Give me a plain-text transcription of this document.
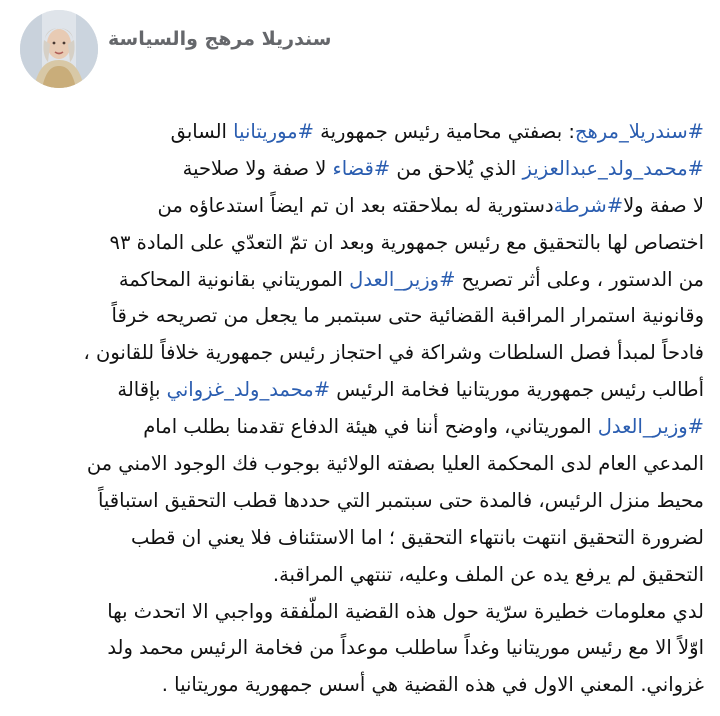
سندريلا مرهج والسياسة
#سندريلا_مرهج: بصفتي محامية رئيس جمهورية #موريتانيا السابق
#محمد_ولد_عبدالعزيز الذي يُلاحق من #قضاء لا صفة ولا صلاحية
لا صفة ولا#شرطةدستورية له بملاحقته بعد ان تم ايضاً استدعاؤه من
اختصاص لها بالتحقيق مع رئيس جمهورية وبعد ان تمّ التعدّي على المادة ٩٣
من الدستور ، وعلى أثر تصريح #وزير_العدل الموريتاني بقانونية المحاكمة
وقانونية استمرار المراقبة القضائية حتى سبتمبر ما يجعل من تصريحه خرقاً
فادحاً لمبدأ فصل السلطات وشراكة في احتجاز رئيس جمهورية خلافاً للقانون ،
أطالب رئيس جمهورية موريتانيا فخامة الرئيس #محمد_ولد_غزواني بإقالة
#وزير_العدل الموريتاني، واوضح أننا في هيئة الدفاع تقدمنا بطلب امام
المدعي العام لدى المحكمة العليا بصفته الولائية بوجوب فك الوجود الامني من
محيط منزل الرئيس، فالمدة حتى سبتمبر التي حددها قطب التحقيق استباقياً
لضرورة التحقيق انتهت بانتهاء التحقيق ؛ اما الاستئناف فلا يعني ان قطب
التحقيق لم يرفع يده عن الملف وعليه، تنتهي المراقبة.
لدي معلومات خطيرة سرّية حول هذه القضية الملّفقة وواجبي الا اتحدث بها
اوّلاً الا مع رئيس موريتانيا وغداً ساطلب موعداً من فخامة الرئيس محمد ولد
غزواني. المعني الاول في هذه القضية هي أسس جمهورية موريتانيا .
